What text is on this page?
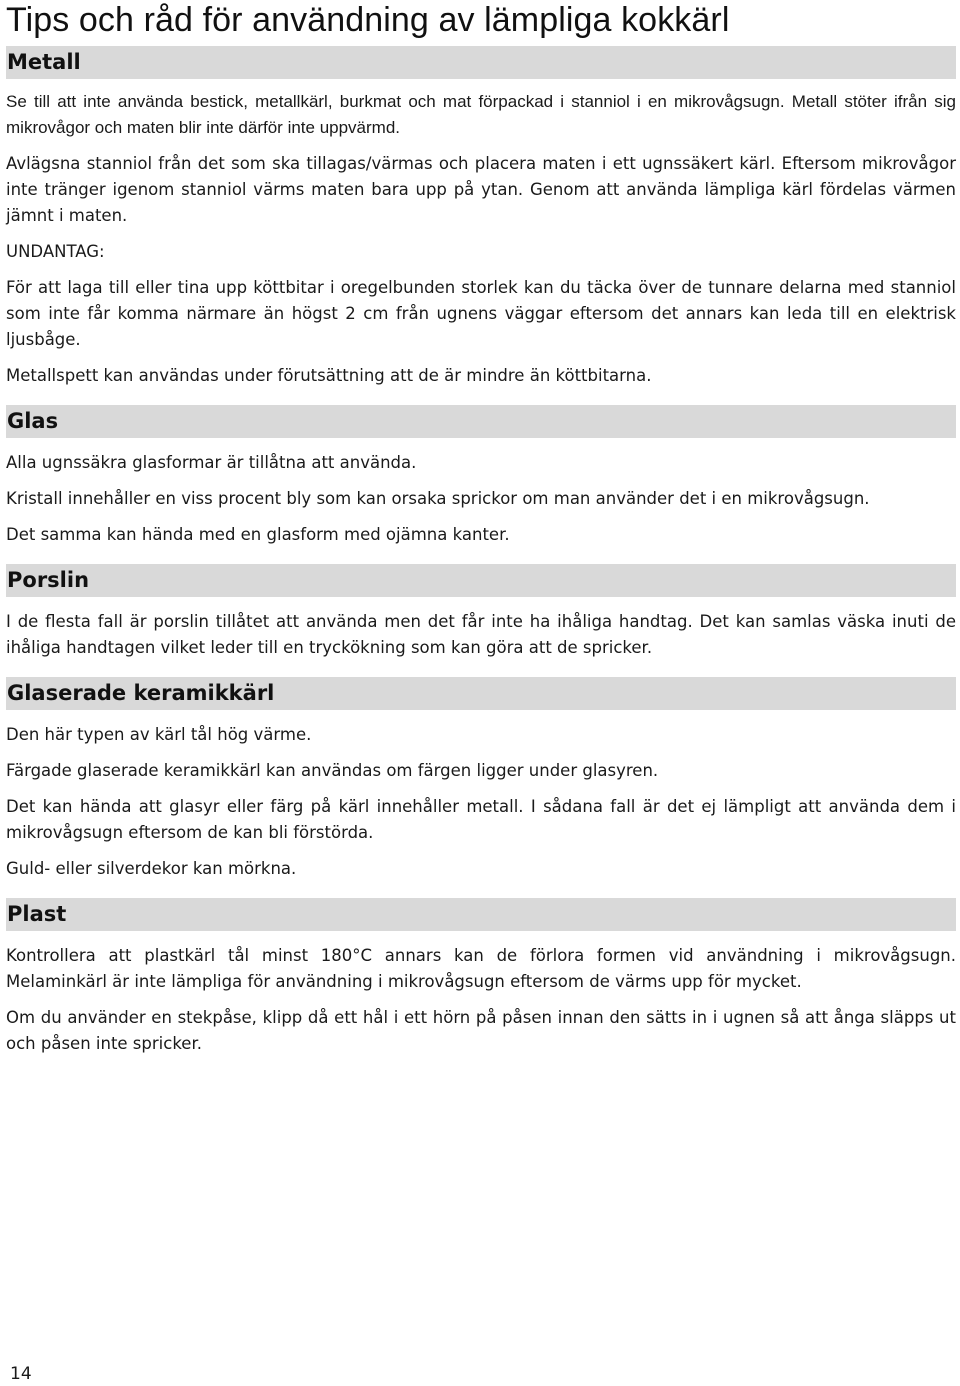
Tips och råd för användning av lämpliga kokkärl
Metall

Se till att inte använda bestick, metallkärl, burkmat och mat förpackad i stanniol i en mikrovågsugn. Metall stöter ifrån sig mikrovågor och maten blir inte därför inte uppvärmd.

Avlägsna stanniol från det som ska tillagas/värmas och placera maten i ett ugnssäkert kärl. Eftersom mikrovågor inte tränger igenom stanniol värms maten bara upp på ytan. Genom att använda lämpliga kärl fördelas värmen jämnt i maten.

UNDANTAG:

För att laga till eller tina upp köttbitar i oregelbunden storlek kan du täcka över de tunnare delarna med stanniol som inte får komma närmare än högst 2 cm från ugnens väggar eftersom det annars kan leda till en elektrisk ljusbåge.

Metallspett kan användas under förutsättning att de är mindre än köttbitarna.

Glas

Alla ugnssäkra glasformar är tillåtna att använda.

Kristall innehåller en viss procent bly som kan orsaka sprickor om man använder det i en mikrovågsugn.

Det samma kan hända med en glasform med ojämna kanter.

Porslin

I de flesta fall är porslin tillåtet att använda men det får inte ha ihåliga handtag. Det kan samlas väska inuti de ihåliga handtagen vilket leder till en tryckökning som kan göra att de spricker.

Glaserade keramikkärl

Den här typen av kärl tål hög värme.

Färgade glaserade keramikkärl kan användas om färgen ligger under glasyren.

Det kan hända att glasyr eller färg på kärl innehåller metall. I sådana fall är det ej lämpligt att använda dem i mikrovågsugn eftersom de kan bli förstörda.

Guld- eller silverdekor kan mörkna.

Plast

Kontrollera att plastkärl tål minst 180°C annars kan de förlora formen vid användning i mikrovågsugn. Melaminkärl är inte lämpliga för användning i mikrovågsugn eftersom de värms upp för mycket.

Om du använder en stekpåse, klipp då ett hål i ett hörn på påsen innan den sätts in i ugnen så att ånga släpps ut och påsen inte spricker.

14
